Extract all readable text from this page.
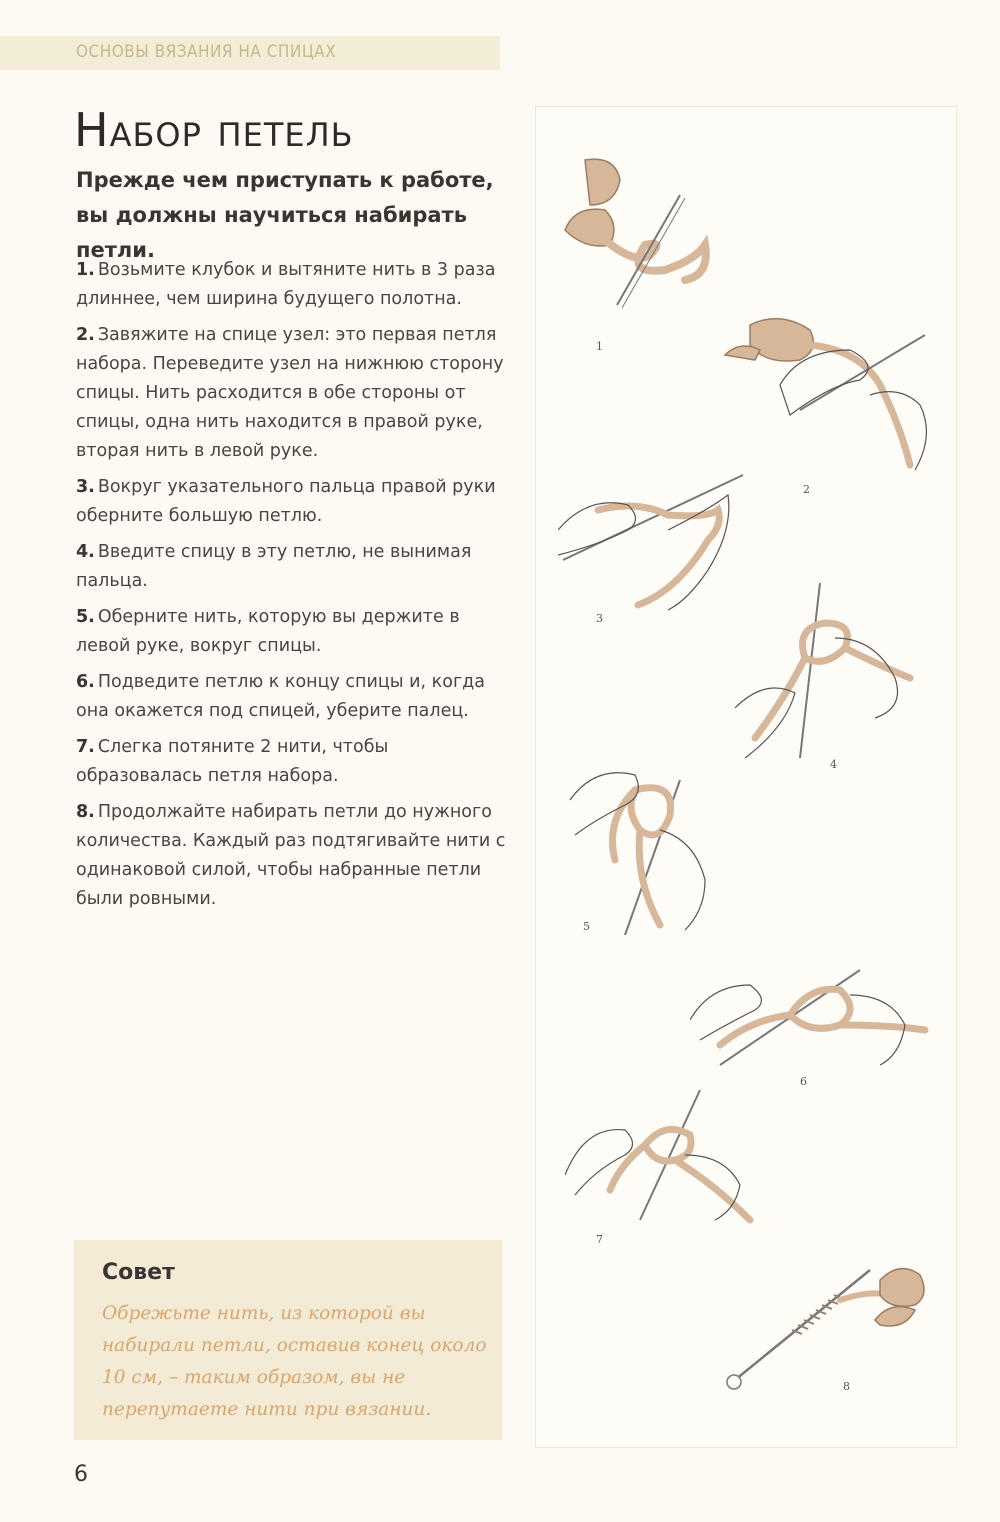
ОСНОВЫ ВЯЗАНИЯ НА СПИЦАХ
Набор петель
Прежде чем приступать к работе, вы должны научиться набирать петли.
1. Возьмите клубок и вытяните нить в 3 раза длиннее, чем ширина будущего полотна.
2. Завяжите на спице узел: это первая петля набора. Переведите узел на нижнюю сторону спицы. Нить расходится в обе стороны от спицы, одна нить находится в правой руке, вторая нить в левой руке.
3. Вокруг указательного пальца правой руки оберните большую петлю.
4. Введите спицу в эту петлю, не вынимая пальца.
5. Оберните нить, которую вы держите в левой руке, вокруг спицы.
6. Подведите петлю к концу спицы и, когда она окажется под спицей, уберите палец.
7. Слегка потяните 2 нити, чтобы образовалась петля набора.
8. Продолжайте набирать петли до нужного количества. Каждый раз подтягивайте нити с одинаковой силой, чтобы набранные петли были ровными.
Совет
Обрежьте нить, из которой вы набирали петли, оставив конец около 10 см, – таким образом, вы не перепутаете нити при вязании.
6
1
2
3
4
5
6
7
8
